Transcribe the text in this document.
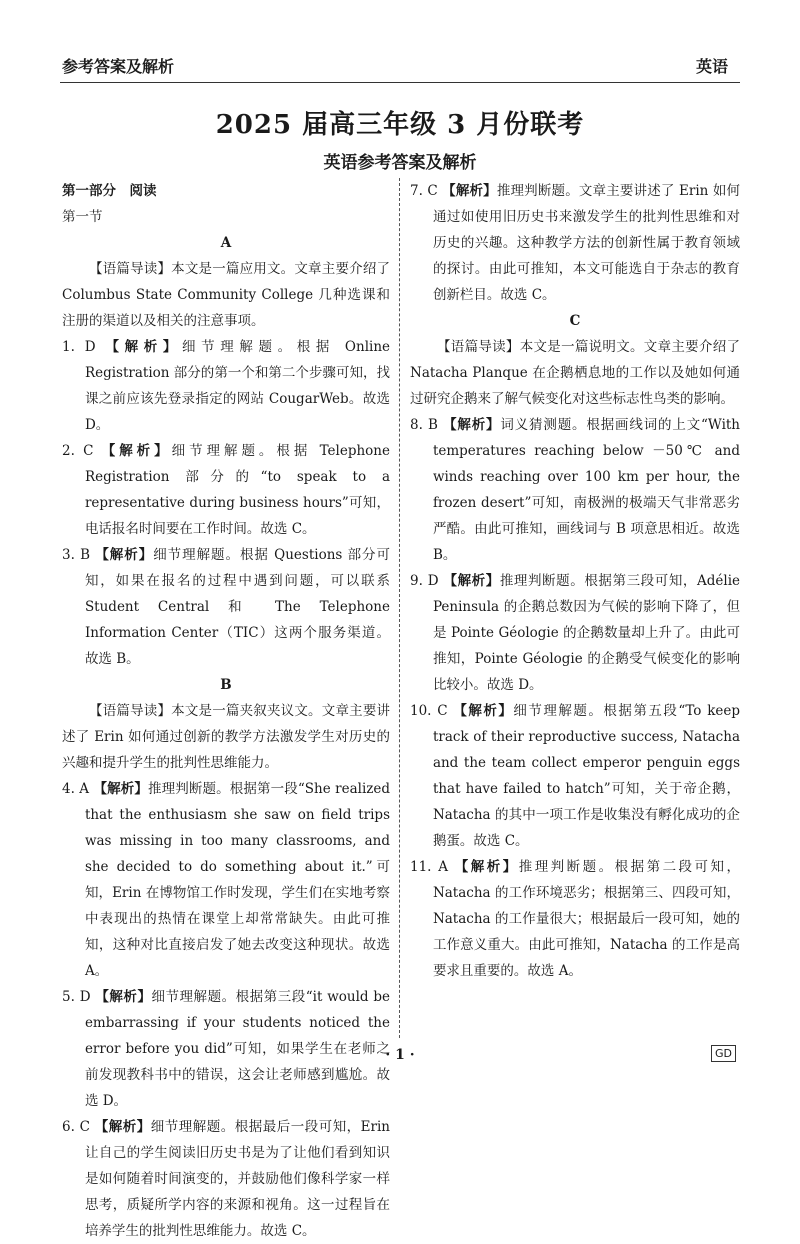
参考答案及解析	英语
2025 届高三年级 3 月份联考
英语参考答案及解析

第一部分　阅读

第一节

A

【语篇导读】本文是一篇应用文。文章主要介绍了 Columbus State Community College 几种选课和注册的渠道以及相关的注意事项。

1. D 【解析】细节理解题。根据 Online Registration 部分的第一个和第二个步骤可知，找课之前应该先登录指定的网站 CougarWeb。故选 D。

2. C 【解析】细节理解题。根据 Telephone Registration 部分的“to speak to a representative during business hours”可知，电话报名时间要在工作时间。故选 C。

3. B 【解析】细节理解题。根据 Questions 部分可知，如果在报名的过程中遇到问题，可以联系 Student Central 和 The Telephone Information Center（TIC）这两个服务渠道。故选 B。

B

【语篇导读】本文是一篇夹叙夹议文。文章主要讲述了 Erin 如何通过创新的教学方法激发学生对历史的兴趣和提升学生的批判性思维能力。

4. A 【解析】推理判断题。根据第一段“She realized that the enthusiasm she saw on field trips was missing in too many classrooms, and she decided to do something about it.”可知，Erin 在博物馆工作时发现，学生们在实地考察中表现出的热情在课堂上却常常缺失。由此可推知，这种对比直接启发了她去改变这种现状。故选 A。

5. D 【解析】细节理解题。根据第三段“it would be embarrassing if your students noticed the error before you did”可知，如果学生在老师之前发现教科书中的错误，这会让老师感到尴尬。故选 D。

6. C 【解析】细节理解题。根据最后一段可知，Erin 让自己的学生阅读旧历史书是为了让他们看到知识是如何随着时间演变的，并鼓励他们像科学家一样思考，质疑所学内容的来源和视角。这一过程旨在培养学生的批判性思维能力。故选 C。

7. C 【解析】推理判断题。文章主要讲述了 Erin 如何通过如使用旧历史书来激发学生的批判性思维和对历史的兴趣。这种教学方法的创新性属于教育领域的探讨。由此可推知，本文可能选自于杂志的教育创新栏目。故选 C。

C

【语篇导读】本文是一篇说明文。文章主要介绍了 Natacha Planque 在企鹅栖息地的工作以及她如何通过研究企鹅来了解气候变化对这些标志性鸟类的影响。

8. B 【解析】词义猜测题。根据画线词的上文“With temperatures reaching below －50℃ and winds reaching over 100 km per hour, the frozen desert”可知，南极洲的极端天气非常恶劣严酷。由此可推知，画线词与 B 项意思相近。故选 B。

9. D 【解析】推理判断题。根据第三段可知，Adélie Peninsula 的企鹅总数因为气候的影响下降了，但是 Pointe Géologie 的企鹅数量却上升了。由此可推知，Pointe Géologie 的企鹅受气候变化的影响比较小。故选 D。

10. C 【解析】细节理解题。根据第五段“To keep track of their reproductive success, Natacha and the team collect emperor penguin eggs that have failed to hatch”可知，关于帝企鹅，Natacha 的其中一项工作是收集没有孵化成功的企鹅蛋。故选 C。

11. A 【解析】推理判断题。根据第二段可知，Natacha 的工作环境恶劣；根据第三、四段可知，Natacha 的工作量很大；根据最后一段可知，她的工作意义重大。由此可推知，Natacha 的工作是高要求且重要的。故选 A。

· 1 ·	GD
